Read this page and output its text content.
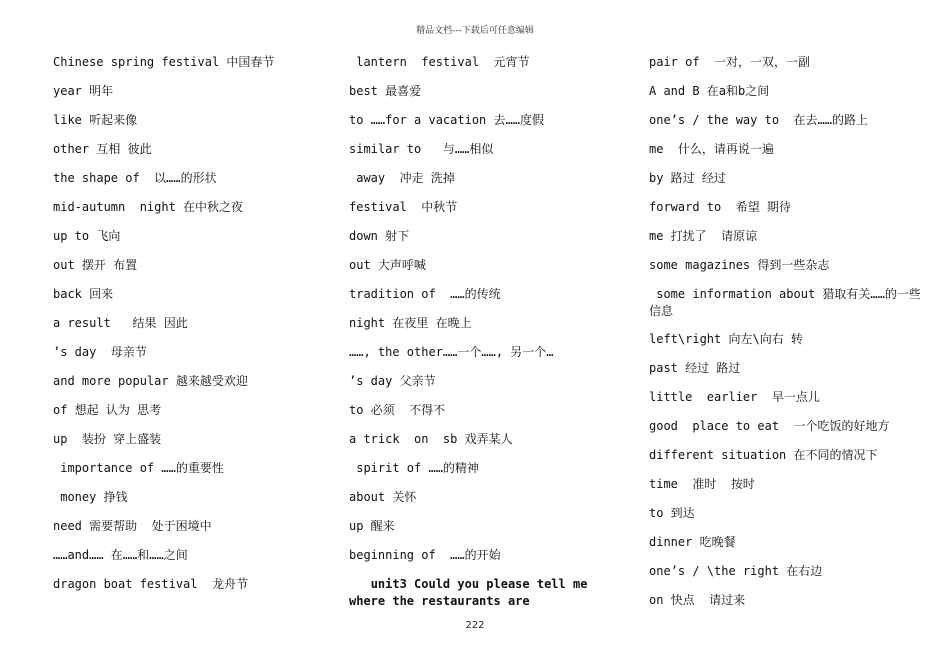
精品文档---下载后可任意编辑
Chinese spring festival 中国春节
year 明年
like 听起来像
other 互相 彼此
the shape of  以……的形状
mid-autumn  night 在中秋之夜
up to 飞向
out 摆开 布置
back 回来
a result   结果 因此
’s day  母亲节
and more popular 越来越受欢迎
of 想起 认为 思考
up  装扮 穿上盛装
importance of ……的重要性
money 挣钱
need 需要帮助  处于困境中
……and…… 在……和……之间
dragon boat festival  龙舟节
lantern  festival  元宵节
best 最喜爱
to ……for a vacation 去……度假
similar to   与……相似
away  冲走 洗掉
festival  中秋节
down 射下
out 大声呼喊
tradition of  ……的传统
night 在夜里 在晚上
……, the other……一个……, 另一个…
’s day 父亲节
to 必须  不得不
a trick  on  sb 戏弄某人
spirit of ……的精神
about 关怀
up 醒来
beginning of  ……的开始
unit3 Could you please tell me where the restaurants are
pair of  一对，一双，一副
A and B 在a和b之间
one’s / the way to  在去……的路上
me  什么，请再说一遍
by 路过 经过
forward to  希望 期待
me 打扰了  请原谅
some magazines 得到一些杂志
some information about 猎取有关……的一些信息
left\right 向左\向右 转
past 经过 路过
little  earlier  早一点儿
good  place to eat  一个吃饭的好地方
different situation 在不同的情况下
time  准时  按时
to 到达
dinner 吃晚餐
one’s / \the right 在右边
on 快点  请过来
222
